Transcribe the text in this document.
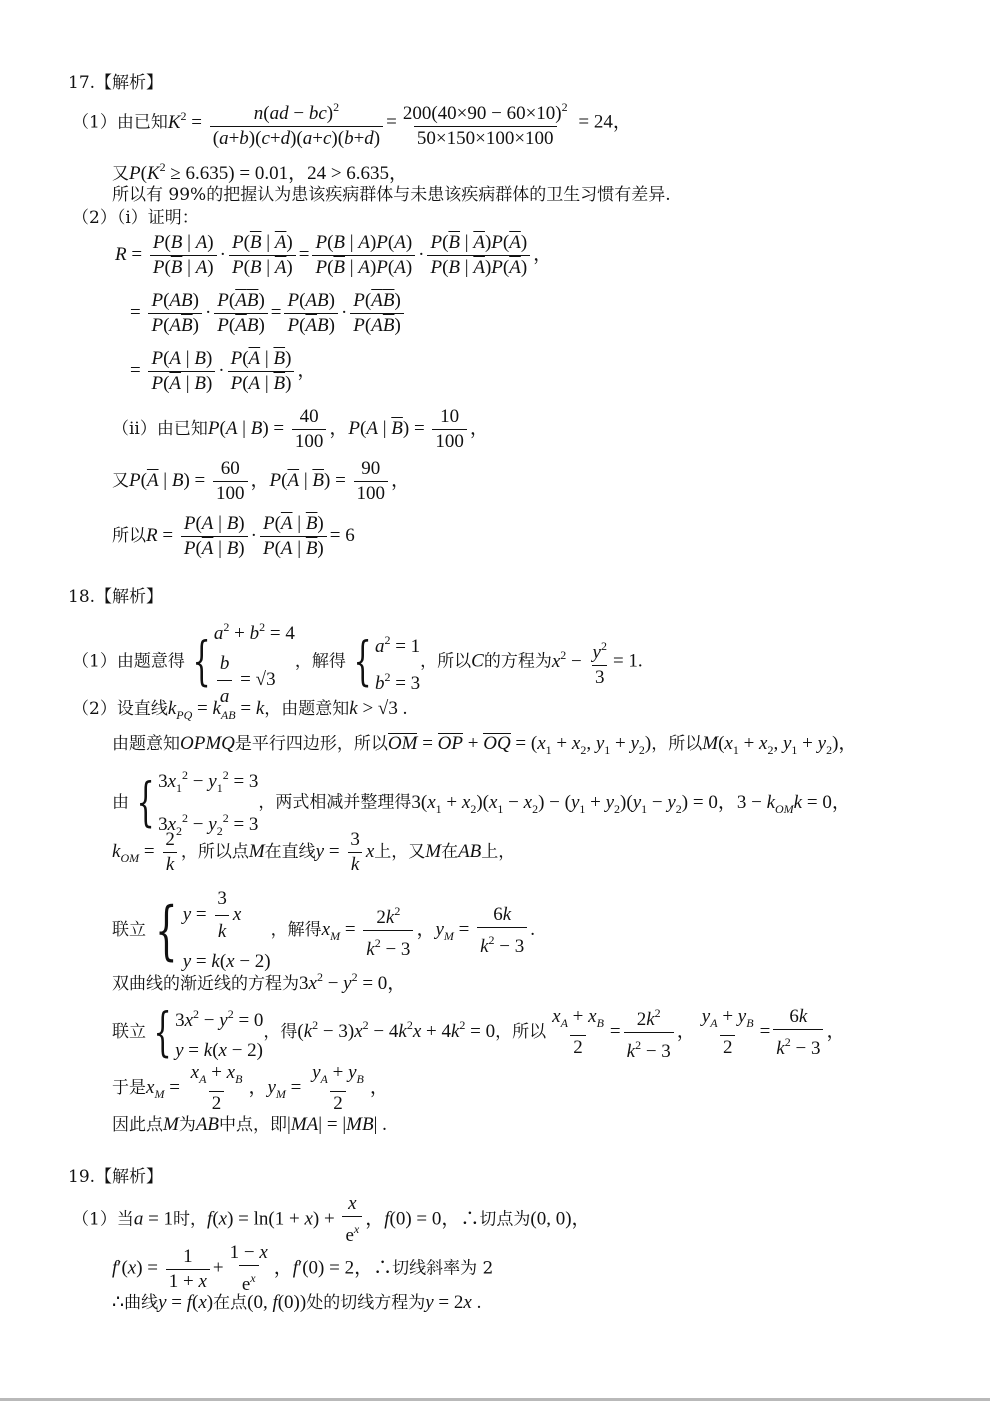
17.【解析】
（1）由已知$K^2 = \frac{n(ad - bc)^2}{(a+b)(c+d)(a+c)(b+d)} = \frac{200(40\times 90 - 60\times 10)^2}{50\times 150\times 100\times 100} = 24$，
又$P(K^2 \ge 6.635) = 0.01$，24 > 6.635，
所以有 99%的把握认为患该疾病群体与未患该疾病群体的卫生习惯有差异.
（2）（i）证明：
$R = \frac{P(B | A)}{P(\overline{B} | A)} \cdot \frac{P(\overline{B} | \overline{A})}{P(B | \overline{A})} = \frac{P(B | A)P(A)}{P(\overline{B} | A)P(A)} \cdot \frac{P(\overline{B} | \overline{A})P(\overline{A})}{P(B | \overline{A})P(\overline{A})}$ ，
= $\frac{P(AB)}{P(A\overline{B})} \cdot \frac{P(\overline{A}\overline{B})}{P(\overline{A}B)} = \frac{P(AB)}{P(\overline{A}B)} \cdot \frac{P(\overline{A}\overline{B})}{P(A\overline{B})}$
= $\frac{P(A | B)}{P(\overline{A} | B)} \cdot \frac{P(\overline{A} | \overline{B})}{P(A | \overline{B})}$ ，
（ii）由已知P(A | $B) = \frac{40}{100}$ ，P(A | $\overline{B}) = \frac{10}{100}$ ，
又$P(\overline{A}$ | $B) = \frac{60}{100}$ ，$P(\overline{A}$ | $\overline{B}) = \frac{90}{100}$ ，
所以$R = \frac{P(A | B)}{P(\overline{A} | B)} \cdot \frac{P(\overline{A} | \overline{B})}{P(A | \overline{B})} = 6$
18.【解析】
（1）由题意得 { $a^2 + b^2 = 4$
$\frac{b}{a} = √3$
，解得 { $a^2 = 1$
$b^2 = 3$
，所以C的方程为$x^2 - \frac{y^2}{3} = 1$.
（2）设直线$k_{PQ} = k_{AB} = k$，由题意知k > √3 .
由题意知OPMQ是平行四边形，所以OM = OP + OQ = ($x_1 + x_2$, $y_1 + y_2$)，所以$M(x_1 + x_2$, $y_1 + y_2$)，
由 { $3x_1^2 - y_1^2 = 3$
$3x_2^2 - y_2^2 = 3$
，两式相减并整理得$3(x_1 + x_2)(x_1 - x_2) - (y_1 + y_2)(y_1 - y_2) = 0$，$3 - k_{OM}k = 0$，
$k_{OM} = \frac{2}{k}$ ，所以点M在直线$y = \frac{3}{k}$ x上，又M在AB上，
联立 { $y = \frac{3}{k}$ x
y = k(x − 2)
，解得$x_M = \frac{2k^2}{k^2 - 3}$ ，$y_M = \frac{6k}{k^2 - 3}$ .
双曲线的渐近线的方程为$3x^2 - y^2 = 0$，
联立 { $3x^2 - y^2 = 0$
y = k(x − 2)
，得$(k^2 - 3)x^2 - 4k^2x + 4k^2 = 0$，所以 $\frac{x_A + x_B}{2} = \frac{2k^2}{k^2 - 3}$ ， $\frac{y_A + y_B}{2} = \frac{6k}{k^2 - 3}$ ，
于是$x_M = \frac{x_A + x_B}{2}$ ，$y_M = \frac{y_A + y_B}{2}$ ，
因此点M为AB中点，即|MA| = |MB| .
19.【解析】
（1）当a = 1时，$f(x) = \ln(1 + x) + \frac{x}{e^x}$ ，f(0) = 0，∴切点为(0, 0)，
$f'(x) = \frac{1}{1 + x} + \frac{1 - x}{e^x}$ ，f′(0) = 2，∴切线斜率为 2
∴曲线y = f(x)在点(0, f(0))处的切线方程为y = 2x .
